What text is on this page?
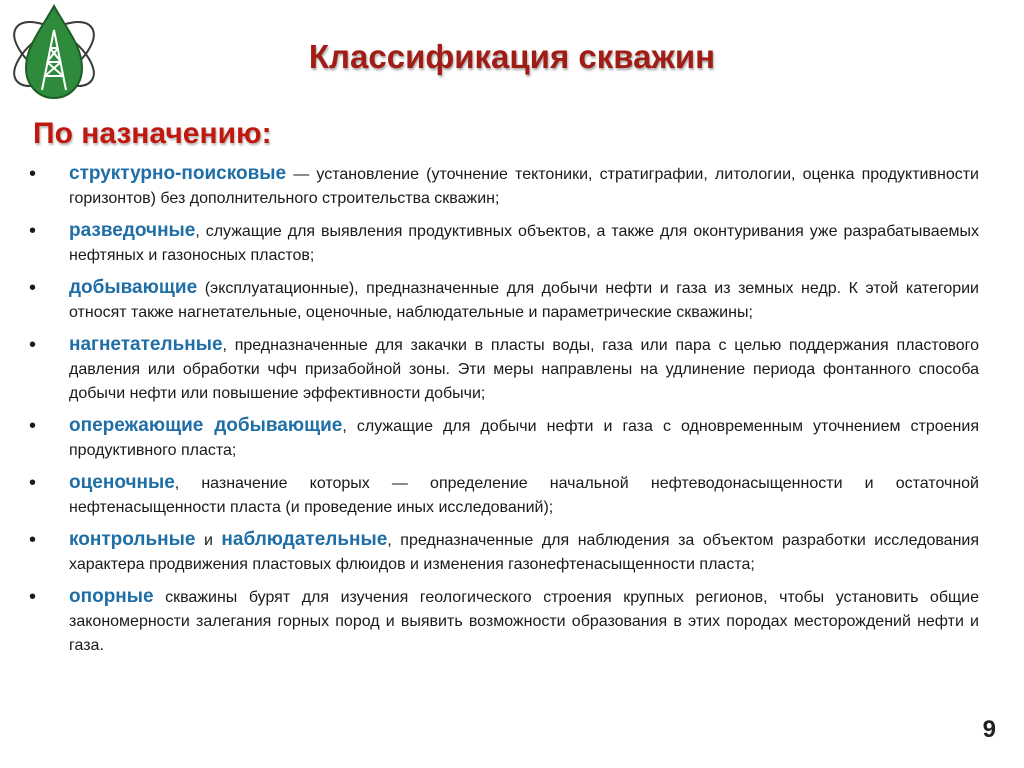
Классификация скважин
По назначению:
• структурно-поисковые — установление (уточнение тектоники, стратиграфии, литологии, оценка продуктивности горизонтов) без дополнительного строительства скважин;
• разведочные, служащие для выявления продуктивных объектов, а также для оконтуривания уже разрабатываемых нефтяных и газоносных пластов;
• добывающие (эксплуатационные), предназначенные для добычи нефти и газа из земных недр. К этой категории относят также нагнетательные, оценочные, наблюдательные и параметрические скважины;
• нагнетательные, предназначенные для закачки в пласты воды, газа или пара с целью поддержания пластового давления или обработки чфч призабойной зоны. Эти меры направлены на удлинение периода фонтанного способа добычи нефти или повышение эффективности добычи;
• опережающие добывающие, служащие для добычи нефти и газа с одновременным уточнением строения продуктивного пласта;
• оценочные, назначение которых — определение начальной нефтеводонасыщенности и остаточной нефтенасыщенности пласта (и проведение иных исследований);
• контрольные и наблюдательные, предназначенные для наблюдения за объектом разработки исследования характера продвижения пластовых флюидов и изменения газонефтенасыщенности пласта;
• опорные скважины бурят для изучения геологического строения крупных регионов, чтобы установить общие закономерности залегания горных пород и выявить возможности образования в этих породах месторождений нефти и газа.
9
